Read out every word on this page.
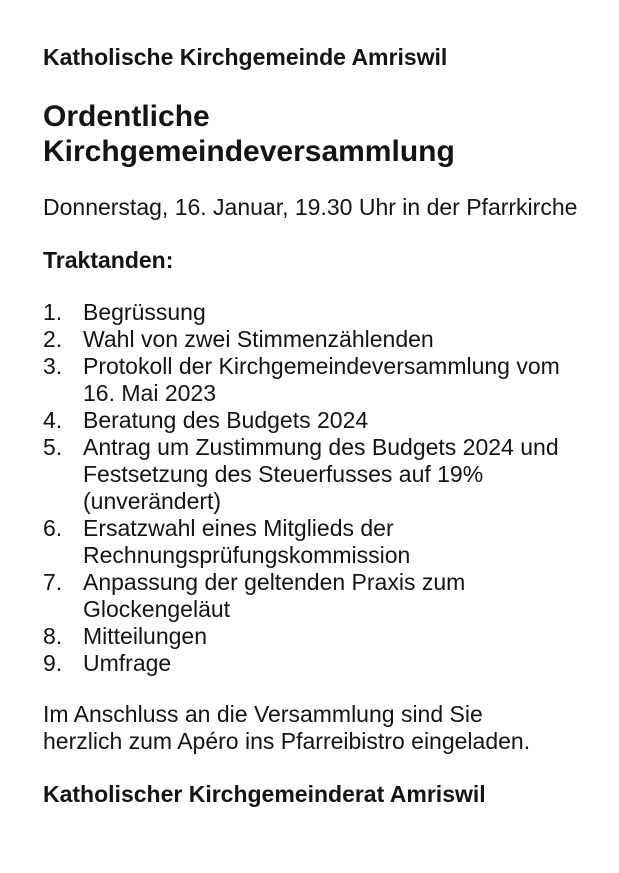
Katholische Kirchgemeinde Amriswil
Ordentliche Kirchgemeindeversammlung
Donnerstag, 16. Januar, 19.30 Uhr in der Pfarrkirche
Traktanden:
1. Begrüssung
2. Wahl von zwei Stimmenzählenden
3. Protokoll der Kirchgemeindeversammlung vom 16. Mai 2023
4. Beratung des Budgets 2024
5. Antrag um Zustimmung des Budgets 2024 und Festsetzung des Steuerfusses auf 19% (unverändert)
6. Ersatzwahl eines Mitglieds der Rechnungsprüfungskommission
7. Anpassung der geltenden Praxis zum Glockengeläut
8. Mitteilungen
9. Umfrage
Im Anschluss an die Versammlung sind Sie herzlich zum Apéro ins Pfarreibistro eingeladen.
Katholischer Kirchgemeinderat Amriswil
